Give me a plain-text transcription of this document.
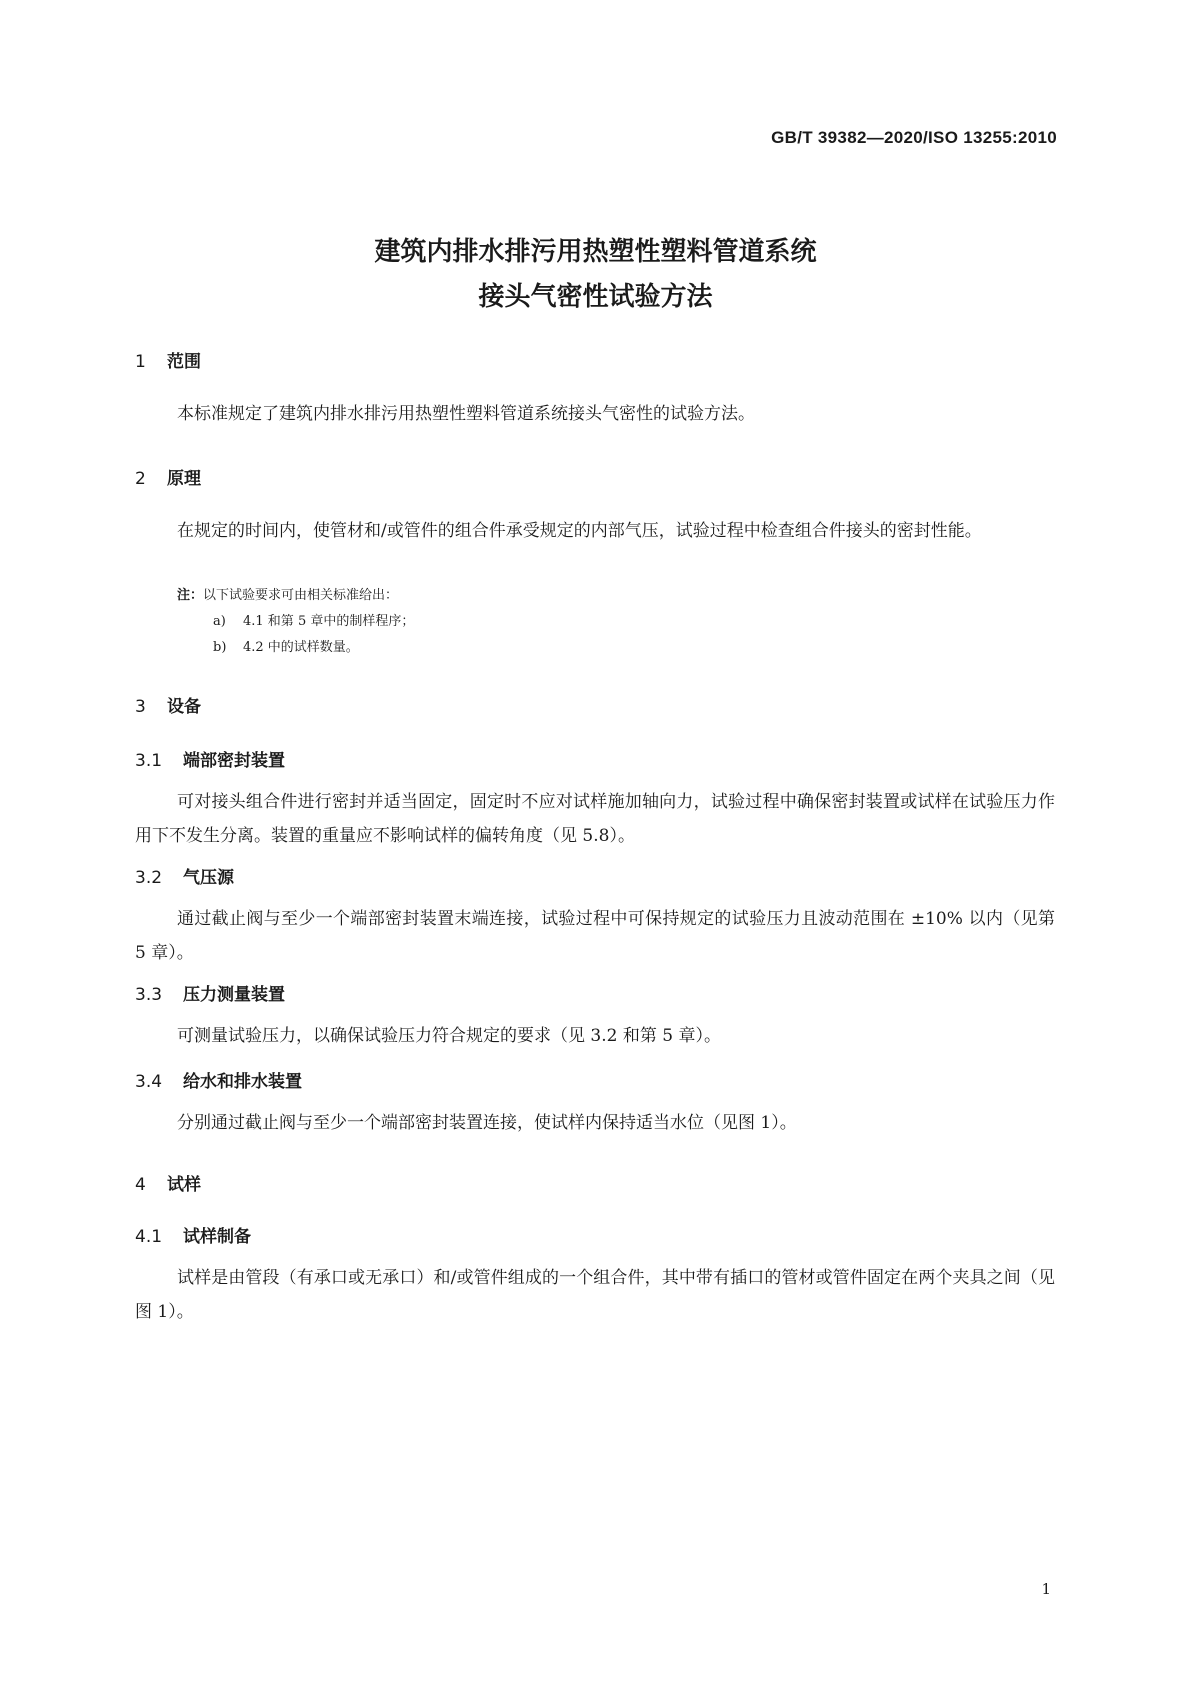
GB/T 39382—2020/ISO 13255:2010
建筑内排水排污用热塑性塑料管道系统
接头气密性试验方法
1 范围
本标准规定了建筑内排水排污用热塑性塑料管道系统接头气密性的试验方法。
2 原理
在规定的时间内，使管材和/或管件的组合件承受规定的内部气压，试验过程中检查组合件接头的密封性能。
注：以下试验要求可由相关标准给出：
a) 4.1 和第 5 章中的制样程序；
b) 4.2 中的试样数量。
3 设备
3.1 端部密封装置
可对接头组合件进行密封并适当固定，固定时不应对试样施加轴向力，试验过程中确保密封装置或试样在试验压力作用下不发生分离。装置的重量应不影响试样的偏转角度（见 5.8）。
3.2 气压源
通过截止阀与至少一个端部密封装置末端连接，试验过程中可保持规定的试验压力且波动范围在 ±10% 以内（见第 5 章）。
3.3 压力测量装置
可测量试验压力，以确保试验压力符合规定的要求（见 3.2 和第 5 章）。
3.4 给水和排水装置
分别通过截止阀与至少一个端部密封装置连接，使试样内保持适当水位（见图 1）。
4 试样
4.1 试样制备
试样是由管段（有承口或无承口）和/或管件组成的一个组合件，其中带有插口的管材或管件固定在两个夹具之间（见图 1）。
1
